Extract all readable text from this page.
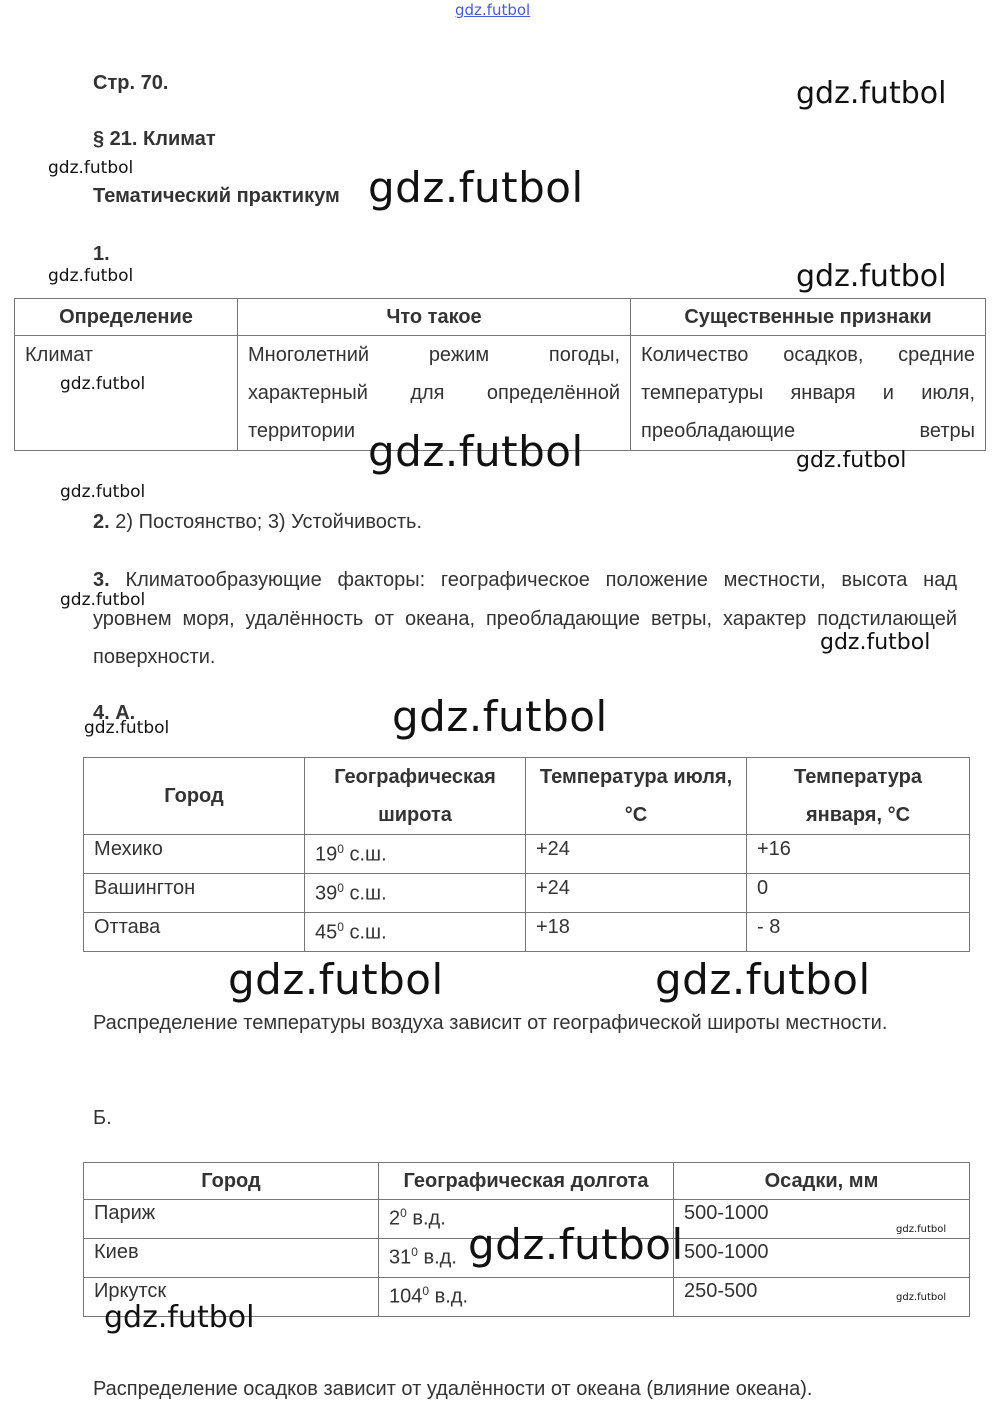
gdz.futbol
Стр. 70.
§ 21. Климат
Тематический практикум
1.
Определение	Что такое	Существенные признаки
Климат	Многолетний режим погоды, характерный для определённой территории	Количество осадков, средние температуры января и июля, преобладающие ветры
2. 2) Постоянство; 3) Устойчивость.
3. Климатообразующие факторы: географическое положение местности, высота над уровнем моря, удалённость от океана, преобладающие ветры, характер подстилающей поверхности.
4. А.
Город	Географическая широта	Температура июля, °С	Температура января, °С
Мехико	$19^0$ с.ш.	+24	+16
Вашингтон	$39^0$ с.ш.	+24	0
Оттава	$45^0$ с.ш.	+18	- 8
Распределение температуры воздуха зависит от географической широты местности.
Б.
Город	Географическая долгота	Осадки, мм
Париж	$2^0$ в.д.	500-1000
Киев	$31^0$ в.д.	500-1000
Иркутск	$104^0$ в.д.	250-500
Распределение осадков зависит от удалённости от океана (влияние океана).
gdz.futbol
gdz.futbol	gdz.futbol
gdz.futbol	gdz.futbol
gdz.futbol
gdz.futbol	gdz.futbol
gdz.futbol
gdz.futbol
gdz.futbol
gdz.futbol
gdz.futbol
gdz.futbol	gdz.futbol
gdz.futbol
gdz.futbol
gdz.futbol
gdz.futbol
